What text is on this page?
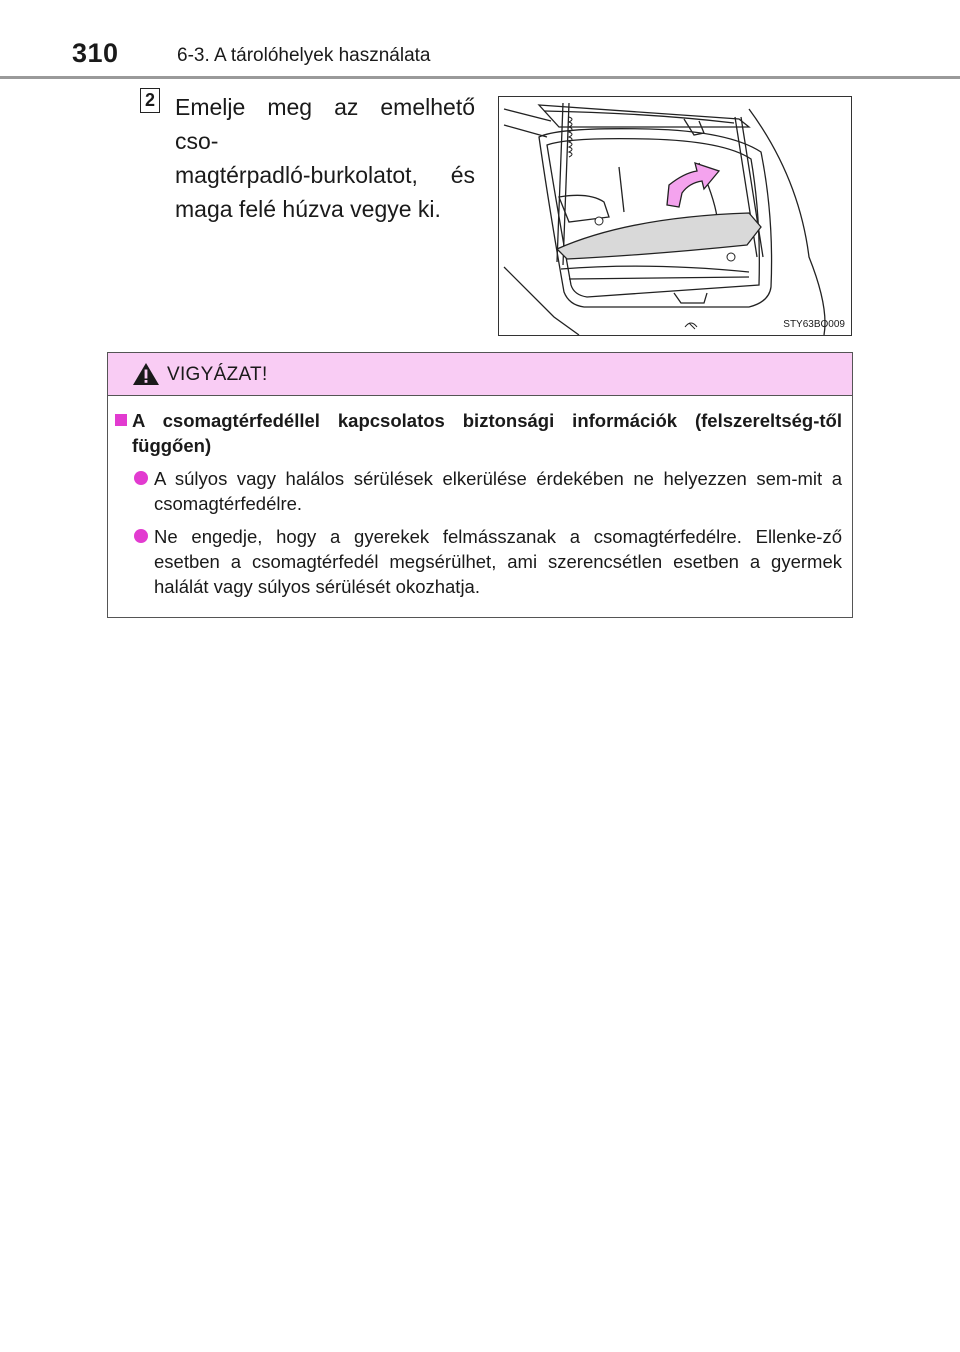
310	6-3. A tárolóhelyek használata
2 Emelje meg az emelhető cso-

magtérpadló-burkolatot, és

maga felé húzva vegye ki.

STY63BO009
VIGYÁZAT!
A csomagtérfedéllel kapcsolatos biztonsági információk (felszereltség-től függően)
A súlyos vagy halálos sérülések elkerülése érdekében ne helyezzen sem-mit a csomagtérfedélre.
Ne engedje, hogy a gyerekek felmásszanak a csomagtérfedélre. Ellenke-ző esetben a csomagtérfedél megsérülhet, ami szerencsétlen esetben a gyermek halálát vagy súlyos sérülését okozhatja.
